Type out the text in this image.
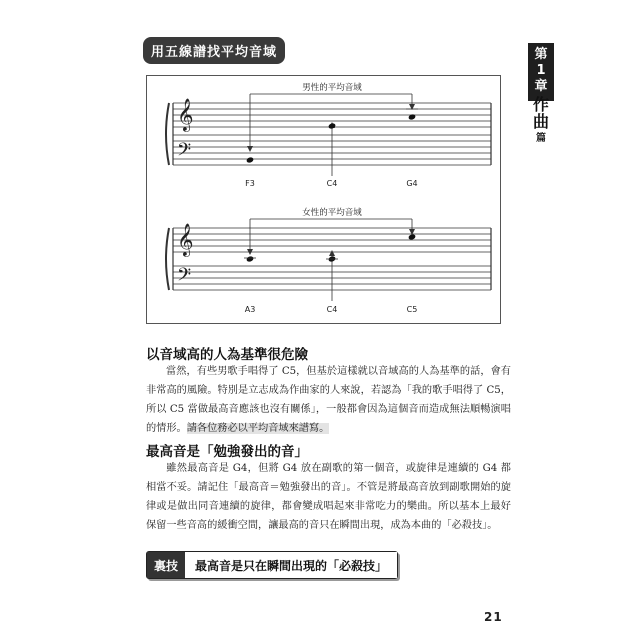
用五線譜找平均音域	第
1
章
作曲
篇
𝄞
𝄢
男性的平均音域
F3	C4	G4
𝄞
𝄢
女性的平均音域
A3	C4	C5
以音域高的人為基準很危險

當然，有些男歌手唱得了 C5，但基於這樣就以音域高的人為基準的話，會有非常高的風險。特別是立志成為作曲家的人來說，若認為「我的歌手唱得了 C5，所以 C5 當做最高音應該也沒有關係」，一般都會因為這個音而造成無法順暢演唱的情形。請各位務必以平均音域來譜寫。

最高音是「勉強發出的音」

雖然最高音是 G4，但將 G4 放在副歌的第一個音，或旋律是連續的 G4 都相當不妥。請記住「最高音＝勉強發出的音」。不管是將最高音放到副歌開始的旋律或是做出同音連續的旋律，都會變成唱起來非常吃力的樂曲。所以基本上最好保留一些音高的緩衝空間，讓最高的音只在瞬間出現，成為本曲的「必殺技」。

裏技	最高音是只在瞬間出現的「必殺技」
21
